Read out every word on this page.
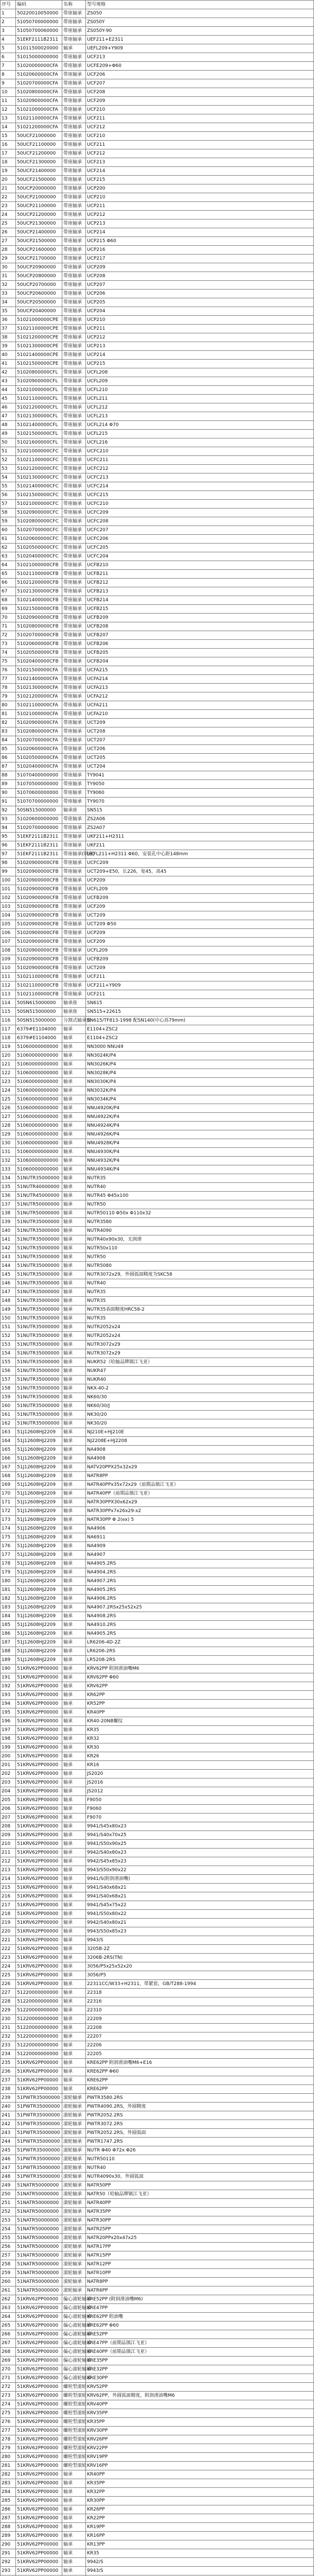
序号	编码	名称	型号规格
1	50220010050000	带座轴承	ZS050
2	51050700000000	带座轴承	ZS050Y
3	51050700060000	带座轴承	ZS050Y-90
4	51EKF2111B2311	带座轴承	UEF211+E2311
5	51011500020000	轴承	UEFL209+Y909
6	51015000000000	带座轴承	UCF213
7	51020000000CFA	带座轴承	UCFE209+Φ60
8	51020600000CFA	带座轴承	UCF206
9	51020700000CFA	带座轴承	UCF207
10	51020800000CFA	带座轴承	UCF208
11	51020900000CFA	带座轴承	UCF209
12	51021000000CFA	带座轴承	UCF210
13	51021100000CFA	带座轴承	UCF211
14	51021200000CFA	带座轴承	UCF212
15	50UCF21000000	带座轴承	UCF210
16	50UCF21100000	带座轴承	UCF211
17	50UCF21200000	带座轴承	UCF212
18	50UCF21300000	带座轴承	UCF213
19	50UCF21400000	带座轴承	UCF214
20	50UCF21500000	带座轴承	UCF215
21	50UCP20000000	带座轴承	UCP200
22	50UCP21000000	带座轴承	UCP210
23	50UCP21100000	带座轴承	UCP211
24	50UCP21200000	带座轴承	UCP212
25	50UCP21300000	带座轴承	UCP213
26	50UCP21400000	带座轴承	UCP214
27	50UCP21500000	带座轴承	UCP215 Φ60
28	50UCP21600000	带座轴承	UCP216
29	50UCP21700000	带座轴承	UCP217
30	50UCP20900000	带座轴承	UCP209
31	50UCP20800000	带座轴承	UCP208
32	50UCP20700000	带座轴承	UCP207
33	50UCP20600000	带座轴承	UCP206
34	50UCP20500000	带座轴承	UCP205
35	50UCP20400000	带座轴承	UCP204
36	51021000000CPE	带座轴承	UCP210
37	51021100000CPE	带座轴承	UCP211
38	51021200000CPE	带座轴承	UCP212
39	51021300000CPE	带座轴承	UCP213
40	51021400000CPE	带座轴承	UCP214
41	51021500000CPE	带座轴承	UCP215
42	51020800000CFL	带座轴承	UCFL208
43	51020900000CFL	带座轴承	UCFL209
44	51021000000CFL	带座轴承	UCFL210
45	51021100000CFL	带座轴承	UCFL211
46	51021200000CFL	带座轴承	UCFL212
47	51021300000CFL	带座轴承	UCFL213
48	51021400000CFL	带座轴承	UCFL214 Φ70
49	51021500000CFL	带座轴承	UCFL215
50	51021600000CFL	带座轴承	UCFL216
51	51021000000CFC	带座轴承	UCFC210
52	51021100000CFC	带座轴承	UCFC211
53	51021200000CFC	带座轴承	UCFC212
54	51021300000CFC	带座轴承	UCFC213
55	51021400000CFC	带座轴承	UCFC214
56	51021500000CFC	带座轴承	UCFC215
57	51021000000CFC	带座轴承	UCFC210
58	51020900000CFC	带座轴承	UCFC209
59	51020800000CFC	带座轴承	UCFC208
60	51020700000CFC	带座轴承	UCFC207
61	51020600000CFC	带座轴承	UCFC206
62	51020500000CFC	带座轴承	UCFC205
63	51020400000CFC	带座轴承	UCFC204
64	51021000000CFB	带座轴承	UCFB210
65	51021100000CFB	带座轴承	UCFB211
66	51021200000CFB	带座轴承	UCFB212
67	51021300000CFB	带座轴承	UCFB213
68	51021400000CFB	带座轴承	UCFB214
69	51021500000CFB	带座轴承	UCFB215
70	51020900000CFB	带座轴承	UCFB209
71	51020800000CFB	带座轴承	UCFB208
72	51020700000CFB	带座轴承	UCFB207
73	51020600000CFB	带座轴承	UCFB206
74	51020500000CFB	带座轴承	UCFB205
75	51020400000CFB	带座轴承	UCFB204
76	51021500000CFA	带座轴承	UCFA215
77	51021400000CFA	带座轴承	UCFA214
78	51021300000CFA	带座轴承	UCFA213
79	51021200000CFA	带座轴承	UCFA212
80	51021100000CFA	带座轴承	UCFA211
81	51021000000CFA	带座轴承	UCFA210
82	51020900000CFA	带座轴承	UCT209
83	51020800000CFA	带座轴承	UCT208
84	51020700000CFA	带座轴承	UCT207
85	51020600000CFA	带座轴承	UCT206
86	51020500000CFA	带座轴承	UCT205
87	51020400000CFA	带座轴承	UCT204
88	51070400000000	带座轴承	TY9041
89	51070500000000	带座轴承	TY9050
90	51070600000000	带座轴承	TY9060
91	51070700000000	带座轴承	TY9070
92	50SN515000000	轴承座	SN515
93	51020600000000	带座轴承	ZS2A06
94	51020700000000	带座轴承	ZS2A07
95	51EKF2111B2311	带座轴承	UKF211+H2311
96	51EKF2111B2311	带座轴承	UKF211
97	51EKF2111B2311	带座轴承(钢座)	UKFL211+H2311 Φ60，安装孔中心距148mm
98	51020900000CFB	带座轴承	UCFC209
99	51020900000CFB	带座轴承	UCT209+E50，长226，宽45，高45
100	51020900000CFB	带座轴承	UCP209
101	51020900000CFB	带座轴承	UCFL209
102	51020900000CFB	带座轴承	UCFB209
103	51020900000CFB	带座轴承	UCF209
104	51020900000CFB	带座轴承	UCT209
105	51020900000CFB	带座轴承	UCT209 Φ50
106	51020900000CFB	带座轴承	UCP209
107	51020900000CFB	带座轴承	UCF209
108	51020900000CFB	带座轴承	UCFL209
109	51020900000CFB	带座轴承	UCFB209
110	51020900000CFB	带座轴承	UCT209
111	51021100000CFB	带座轴承	UCF211
112	51021100000CFB	带座轴承	UCF211+Y909
113	51021100000CFB	带座轴承	UCF211
114	50SN615000000	轴承座	SN615
115	50SN515000000	轴承座	SN515+22615
116	50SN515000000	分割式轴承座	SN615/TF813-1998 配SN140(中心高79mm)
117	6379#E1104000	轴承	E1104+ZSC2
118	6379#E1104000	轴承	E1104+ZSC2
119	51060000000000	轴承	NN3000 NNU49
120	51060000000000	轴承	NN3024K/P4
121	51060000000000	轴承	NN3026K/P4
122	51060000000000	轴承	NN3028K/P4
123	51060000000000	轴承	NN3030K/P4
124	51060000000000	轴承	NN3032K/P4
125	51060000000000	轴承	NN3034K/P4
126	51060000000000	轴承	NNU4920K/P4
127	51060000000000	轴承	NNU4922K/P4
128	51060000000000	轴承	NNU4924K/P4
129	51060000000000	轴承	NNU4926K/P4
130	51060000000000	轴承	NNU4928K/P4
131	51060000000000	轴承	NNU4930K/P4
132	51060000000000	轴承	NNU4932K/P4
133	51060000000000	轴承	NNU4934K/P4
134	51NUTR35000000	轴承	NUTR35
135	51NUTR40000000	轴承	NUTR40
136	51NUTR45000000	轴承	NUTR45 Φ45x100
137	51NUTR50000000	轴承	NUTR50
138	51NUTR50000000	轴承	NUTR50110 Φ50x Φ110x32
139	51NUTR35000000	轴承	NUTR3580
140	51NUTR35000000	轴承	NUTR4090
141	51NUTR35000000	轴承	NUTR40x90x30，无润滑
142	51NUTR35000000	轴承	NUTR50x110
143	51NUTR35000000	轴承	NUTR50
144	51NUTR35000000	轴承	NUTR5080
145	51NUTR35000000	轴承	NUTR3072x29，外圆弧面精度为SKC58
146	51NUTR35000000	轴承	NUTR40
147	51NUTR35000000	轴承	NUTR35
148	51NUTR35000000	轴承	NUTR35
149	51NUTR35000000	轴承	NUTR35表面精度HRC58-2
150	51NUTR35000000	轴承	NUTR35
151	51NUTR35000000	轴承	NUTR2052x24
152	51NUTR35000000	轴承	NUTR2052x24
153	51NUTR35000000	轴承	NUTR3072x29
154	51NUTR35000000	轴承	NUTR3072x29
155	51NUTR35000000	轴承	NUKR52（哈轴品牌镇江飞亚）
156	51NUTR35000000	轴承	NUKR47
157	51NUTR35000000	轴承	NUKR40
158	51NUTR35000000	轴承	NKX-40-2
159	51NUTR35000000	轴承	NK60/30
160	51NUTR35000000	轴承	NK60/30/J
161	51NUTR35000000	轴承	NK30/20
162	51NUTR35000000	轴承	NK30/20
163	51J12608HJ2209	轴承	NJ210E+HJ210E
164	51J12608HJ2209	轴承	NJ2208E+HJ2208
165	51J12608HJ2209	轴承	NA4908
166	51J12608HJ2209	轴承	NA4908
167	51J12608HJ2209	轴承	NATV20PPX25x32x29
168	51J12608HJ2209	轴承	NATR8PP
169	51J12608HJ2209	轴承	NATR40PPx35x72x29（前期品镇江飞亚）
170	51J12608HJ2209	轴承	NATR40PP（前期品镇江飞亚）
171	51J12608HJ2209	轴承	NATR30PPX30x62x29
172	51J12608HJ2209	轴承	NATR30PPx7x26x29-x2
173	51J12608HJ2209	轴承	NATR30PP Φ 2(ex) 5
174	51J12608HJ2209	轴承	NA4906
175	51J12608HJ2209	轴承	NA6911
176	51J12608HJ2209	轴承	NA4909
177	51J12608HJ2209	轴承	NA4907
178	51J12608HJ2209	轴承	NA4905.2RS
179	51J12608HJ2209	轴承	NA4904.2RS
180	51J12608HJ2209	轴承	NA4907.2RS
181	51J12608HJ2209	轴承	NA4905.2RS
182	51J12608HJ2209	轴承	NA4906.2RS
183	51J12608HJ2209	轴承	NA4907.2RSx25x52x25
184	51J12608HJ2209	轴承	NA4908.2RS
185	51J12608HJ2209	轴承	NA4910.2RS
186	51J12608HJ2209	轴承	NA4905.2RS
187	51J12608HJ2209	轴承	LR6206-4D-2Z
188	51J12608HJ2209	轴承	LR6206-2RS
189	51J12608HJ2209	轴承	LR5208-2RS
190	51KRV62PP00000	轴承	KRV62PP 附润滑油嘴M6
191	51KRV62PP00000	轴承	KRV62PP Φ60
192	51KRV62PP00000	轴承	KRV62PP
193	51KRV62PP00000	轴承	KR62PP
194	51KRV62PP00000	轴承	KR52PP
195	51KRV62PP00000	轴承	KR40PP
196	51KRV62PP00000	轴承	KR40-20NB螺纹
197	51KRV62PP00000	轴承	KR35
198	51KRV62PP00000	轴承	KR32
199	51KRV62PP00000	轴承	KR30
200	51KRV62PP00000	轴承	KR26
201	51KRV62PP00000	轴承	KR16
202	51KRV62PP00000	轴承	JS2020
203	51KRV62PP00000	轴承	JS2016
204	51KRV62PP00000	轴承	JS2012
205	51KRV62PP00000	轴承	F9050
206	51KRV62PP00000	轴承	F9060
207	51KRV62PP00000	轴承	F9070
208	51KRV62PP00000	轴承	9941/S45x80x23
209	51KRV62PP00000	轴承	9941/S40x70x25
210	51KRV62PP00000	轴承	9941/S50x90x25
211	51KRV62PP00000	轴承	9942/S40x80x23
212	51KRV62PP00000	轴承	9942/S45x85x23
213	51KRV62PP00000	轴承	9943/S50x90x22
214	51KRV62PP00000	轴承	9941/S(附润滑油嘴)
215	51KRV62PP00000	轴承	9941/S40x68x21
216	51KRV62PP00000	轴承	9941/S40x68x21
217	51KRV62PP00000	轴承	9941/S45x75x22
218	51KRV62PP00000	轴承	9941/S50x80x22
219	51KRV62PP00000	轴承	9942/S40x80x21
220	51KRV62PP00000	轴承	9943/S50x85x23
221	51KRV62PP00000	轴承	9943/S
222	51KRV62PP00000	轴承	3205B-2Z
223	51KRV62PP00000	轴承	3206B-2RS(TN)
224	51KRV62PP00000	轴承	3056/P5x25x52x20
225	51KRV62PP00000	轴承	3056/P5
226	51KRV62PP00000	轴承	22311CC/W33+H2311，带紧套，GB/T288-1994
227	51220000000000	轴承	22318
228	51220000000000	轴承	22316
229	51220000000000	轴承	22310
230	51220000000000	轴承	22209
231	51220000000000	轴承	22208
232	51220000000000	轴承	22207
233	51220000000000	轴承	22206
234	51220000000000	轴承	22205
235	51KRV62PP00000	轴承	KRE62PP 附润滑油嘴M6+E16
236	51KRV62PP00000	轴承	KRE62PP Φ60
237	51KRV62PP00000	轴承	KRE62PP
238	51KRV62PP00000	轴承	KRE62PP
239	51PWTR35000000	滚轮轴承	PWTR3580.2RS
240	51PWTR35000000	滚轮轴承	PWTR4090.2RS，外圆精度
241	51PWTR35000000	滚轮轴承	PWTR2052.2RS
242	51PWTR35000000	滚轮轴承	PWTR3072.2RS
243	51PWTR35000000	滚轮轴承	PWTR2052.2RS，外圆弧面
244	51PWTR35000000	滚轮轴承	PWTR1747.2RS
245	51PWTR35000000	滚轮轴承	NUTR Φ40 Φ72x Φ26
246	51PWTR35000000	滚轮轴承	NUTR50110
247	51PWTR35000000	滚轮轴承	NUTR40
248	51PWTR35000000	滚轮轴承	NUTR4090x30，外圆弧面
249	51NATR50000000	滚轮轴承	NATR50PP
250	51NATR50000000	滚轮轴承	NATR50（哈轴品牌镇江飞亚）
251	51NATR50000000	滚轮轴承	NATR40PP
252	51NATR50000000	滚轮轴承	NATR35PP
253	51NATR50000000	滚轮轴承	NATR30PP
254	51NATR50000000	滚轮轴承	NATR25PP
255	51NATR50000000	滚轮轴承	NATR20PPx20x47x25
256	51NATR50000000	滚轮轴承	NATR17PP
257	51NATR50000000	滚轮轴承	NATR15PP
258	51NATR50000000	滚轮轴承	NATR12PP
259	51NATR50000000	滚轮轴承	NATR10PP
260	51NATR50000000	滚轮轴承	NATR8PP
261	51NATR50000000	滚轮轴承	NATR6PP
262	51KRV62PP00000	偏心滚轮轴承	KRE52PP (附润滑油嘴M6)
263	51KRV62PP00000	偏心滚轮轴承	KRE47PP
264	51KRV62PP00000	偏心滚轮轴承	KRE62PP 附油嘴
265	51KRV62PP00000	偏心滚轮轴承	KRE62PP Φ60
266	51KRV62PP00000	偏心滚轮轴承	KRE52PP
267	51KRV62PP00000	偏心滚轮轴承	KRE47PP（前期品镇江飞亚）
268	51KRV62PP00000	偏心滚轮轴承	KRE40PP（前期品镇江飞亚）
269	51KRV62PP00000	偏心滚轮轴承	KRE35PP
270	51KRV62PP00000	偏心滚轮轴承	KRE32PP
271	51KRV62PP00000	偏心滚轮轴承	KRE30PP
272	51KRV62PP00000	螺栓型滚轮	KRV52PP
273	51KRV62PP00000	螺栓型滚轮	KRV62PP，外圆弧面精度，附润滑油嘴M6
274	51KRV62PP00000	螺栓型滚轮	KRV40PP
275	51KRV62PP00000	螺栓型滚轮	KRV35PP
276	51KRV62PP00000	螺栓型滚轮	KR35PP
277	51KRV62PP00000	螺栓型滚轮	KRV30PP
278	51KRV62PP00000	螺栓型滚轮	KRV26PP
279	51KRV62PP00000	螺栓型滚轮	KRV22PP
280	51KRV62PP00000	螺栓型滚轮	KRV19PP
281	51KRV62PP00000	螺栓型滚轮	KRV16PP
282	51KRV62PP00000	轴承	KR40PP
283	51KRV62PP00000	轴承	KR35PP
284	51KRV62PP00000	轴承	KR32PP
285	51KRV62PP00000	轴承	KR30PP
286	51KRV62PP00000	轴承	KR26PP
287	51KRV62PP00000	轴承	KR22PP
288	51KRV62PP00000	轴承	KR19PP
289	51KRV62PP00000	轴承	KR16PP
290	51KRV62PP00000	轴承	KR13PP
291	51KRV62PP00000	轴承	KR35
292	51KRV62PP00000	轴承	9942/S
293	51KRV62PP00000	轴承	9943/S
